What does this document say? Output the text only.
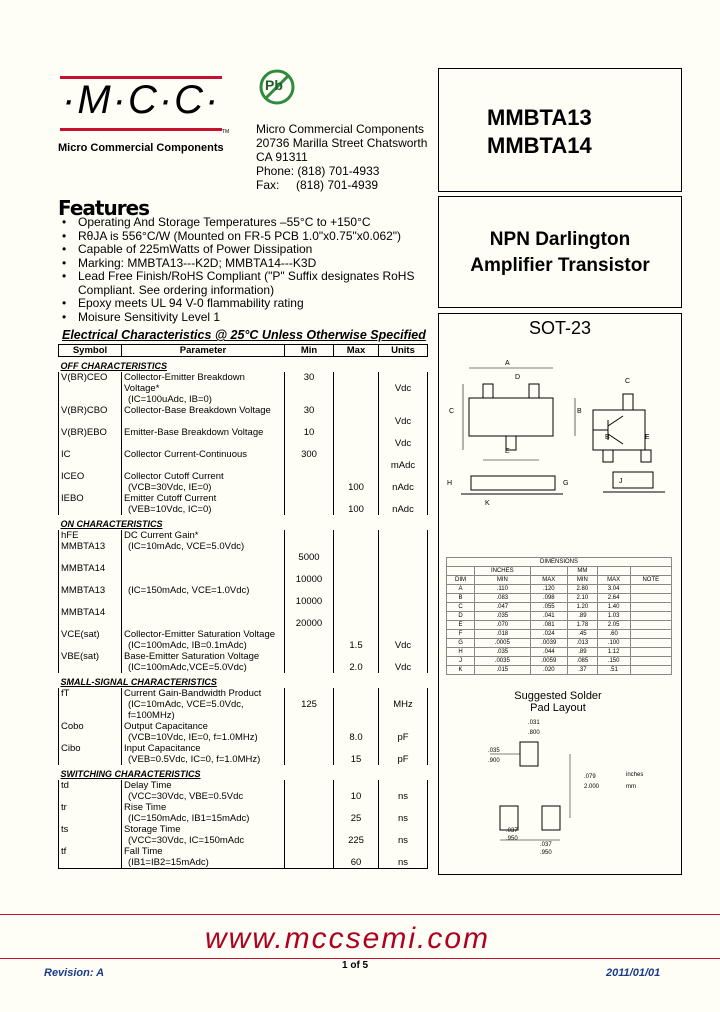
·M·C·C·
TM
Micro Commercial Components
Pb
Micro Commercial Components
20736 Marilla Street Chatsworth
CA 91311
Phone: (818) 701-4933
Fax:     (818) 701-4939
MMBTA13
MMBTA14
NPN Darlington
Amplifier Transistor
Features
• Operating And Storage Temperatures –55°C to +150°C
• RθJA is 556°C/W (Mounted on FR-5 PCB 1.0"x0.75"x0.062")
• Capable of 225mWatts of Power Dissipation
• Marking: MMBTA13---K2D; MMBTA14---K3D
• Lead Free Finish/RoHS Compliant ("P" Suffix designates RoHS Compliant. See ordering information)
• Epoxy meets UL 94 V-0 flammability rating
• Moisure Sensitivity Level 1
Electrical Characteristics @ 25°C Unless Otherwise Specified
Symbol	Parameter	Min	Max	Units
OFF CHARACTERISTICS				
V(BR)CEO	Collector-Emitter Breakdown Voltage*
(IC=100uAdc, IB=0)	30		Vdc
V(BR)CBO	Collector-Base Breakdown Voltage	30		Vdc
V(BR)EBO	Emitter-Base Breakdown Voltage	10		Vdc
IC	Collector Current-Continuous	300		mAdc
ICEO	Collector Cutoff Current
(VCB=30Vdc, IE=0)		100	nAdc
IEBO	Emitter Cutoff Current
(VEB=10Vdc, IC=0)		100	nAdc
ON CHARACTERISTICS				
hFE	DC Current Gain*			

MMBTA13	(IC=10mAdc, VCE=5.0Vdc)	5000		
MMBTA14		10000		
MMBTA13	(IC=150mAdc, VCE=1.0Vdc)	10000		
MMBTA14		20000		
VCE(sat)	Collector-Emitter Saturation Voltage
(IC=100mAdc, IB=0.1mAdc)		1.5	Vdc
VBE(sat)	Base-Emitter Saturation Voltage
(IC=100mAdc,VCE=5.0Vdc)		2.0	Vdc
SMALL-SIGNAL CHARACTERISTICS				
fT	Current Gain-Bandwidth Product
(IC=10mAdc, VCE=5.0Vdc, f=100MHz)	125		MHz
Cobo	Output Capacitance
(VCB=10Vdc, IE=0, f=1.0MHz)		8.0	pF
Cibo	Input Capacitance
(VEB=0.5Vdc, IC=0, f=1.0MHz)		15	pF
SWITCHING CHARACTERISTICS				
td	Delay Time
(VCC=30Vdc, VBE=0.5Vdc		10	ns
tr	Rise Time
(IC=150mAdc, IB1=15mAdc)		25	ns
ts	Storage Time
(VCC=30Vdc, IC=150mAdc		225	ns
tf	Fall Time
(IB1=IB2=15mAdc)		60	ns
SOT-23
A
D
C	B
E
H	G
K
J
C
B	E
DIMENSIONS					
	INCHES		MM		
DIM	MIN	MAX	MIN	MAX	NOTE
A	.110	.120	2.80	3.04	
B	.083	.098	2.10	2.64	
C	.047	.055	1.20	1.40	
D	.035	.041	.89	1.03	
E	.070	.081	1.78	2.05	
F	.018	.024	.45	.60	
G	.0005	.0039	.013	.100	
H	.035	.044	.89	1.12	
J	.0035	.0059	.085	.150	
K	.015	.020	.37	.51	
Suggested Solder
Pad Layout
.031
.800
.035
.900
.079
2.000
inches
mm
.037
.950
.037
.950
www.mccsemi.com
Revision: A
1 of 5
2011/01/01
